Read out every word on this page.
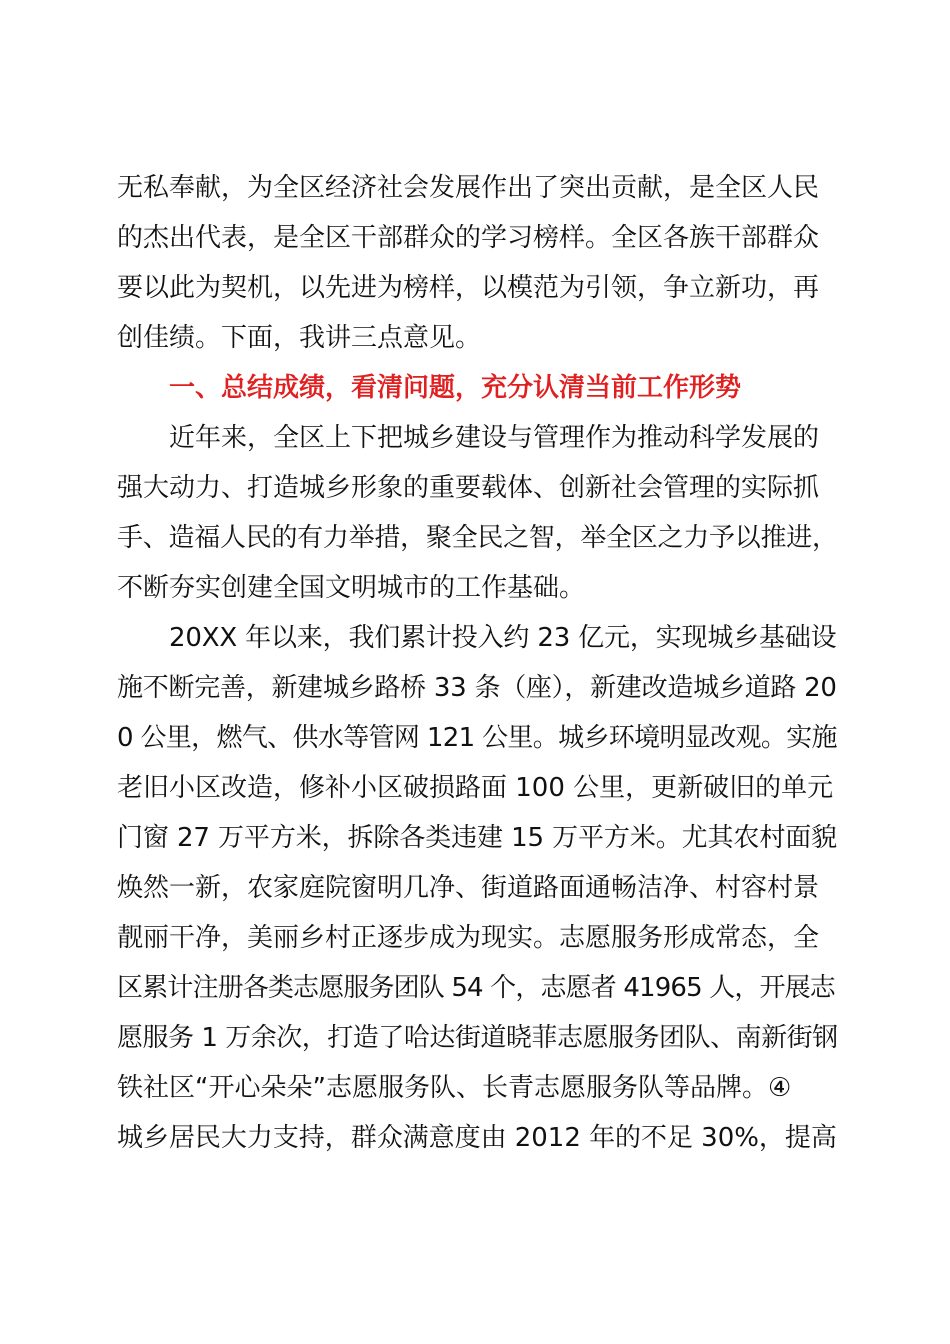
无私奉献，为全区经济社会发展作出了突出贡献，是全区人民
的杰出代表，是全区干部群众的学习榜样。全区各族干部群众
要以此为契机，以先进为榜样，以模范为引领，争立新功，再
创佳绩。下面，我讲三点意见。
一、总结成绩，看清问题，充分认清当前工作形势
近年来，全区上下把城乡建设与管理作为推动科学发展的
强大动力、打造城乡形象的重要载体、创新社会管理的实际抓
手、造福人民的有力举措，聚全民之智，举全区之力予以推进，
不断夯实创建全国文明城市的工作基础。
20XX 年以来，我们累计投入约 23 亿元，实现城乡基础设
施不断完善，新建城乡路桥 33 条（座），新建改造城乡道路 20
0 公里，燃气、供水等管网 121 公里。城乡环境明显改观。实施
老旧小区改造，修补小区破损路面 100 公里，更新破旧的单元
门窗 27 万平方米，拆除各类违建 15 万平方米。尤其农村面貌
焕然一新，农家庭院窗明几净、街道路面通畅洁净、村容村景
靓丽干净，美丽乡村正逐步成为现实。志愿服务形成常态，全
区累计注册各类志愿服务团队 54 个，志愿者 41965 人，开展志
愿服务 1 万余次，打造了哈达街道晓菲志愿服务团队、南新街钢
铁社区“开心朵朵”志愿服务队、长青志愿服务队等品牌。④
城乡居民大力支持，群众满意度由 2012 年的不足 30%，提高
